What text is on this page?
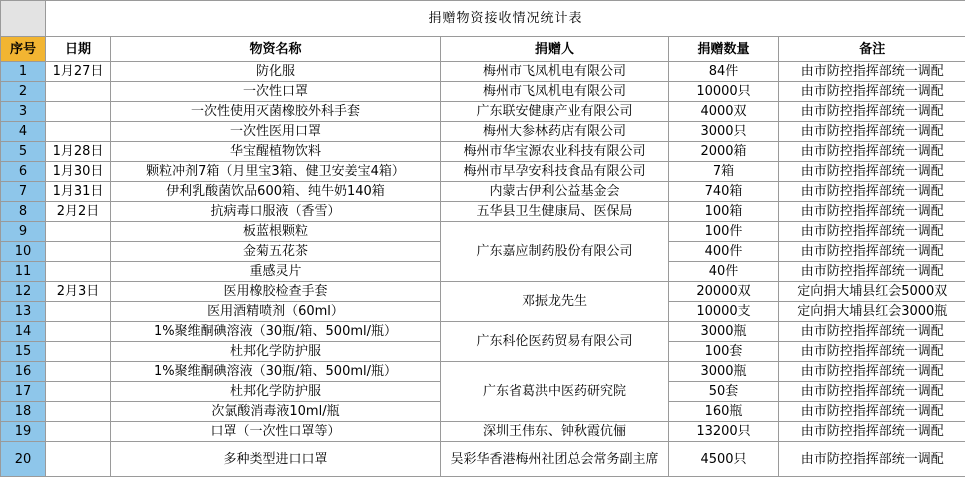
	捐赠物资接收情况统计表				
序号	日期	物资名称	捐赠人	捐赠数量	备注
1	1月27日	防化服	梅州市飞凤机电有限公司	84件	由市防控指挥部统一调配
2		一次性口罩	梅州市飞凤机电有限公司	10000只	由市防控指挥部统一调配
3		一次性使用灭菌橡胶外科手套	广东联安健康产业有限公司	4000双	由市防控指挥部统一调配
4		一次性医用口罩	梅州大参林药店有限公司	3000只	由市防控指挥部统一调配
5	1月28日	华宝醒植物饮料	梅州市华宝源农业科技有限公司	2000箱	由市防控指挥部统一调配
6	1月30日	颗粒冲剂7箱（月里宝3箱、健卫安姜宝4箱）	梅州市早孕安科技食品有限公司	7箱	由市防控指挥部统一调配
7	1月31日	伊利乳酸菌饮品600箱、纯牛奶140箱	内蒙古伊利公益基金会	740箱	由市防控指挥部统一调配
8	2月2日	抗病毒口服液（香雪）	五华县卫生健康局、医保局	100箱	由市防控指挥部统一调配
9		板蓝根颗粒	广东嘉应制药股份有限公司	100件	由市防控指挥部统一调配
10		金菊五花茶		400件	由市防控指挥部统一调配
11		重感灵片		40件	由市防控指挥部统一调配
12	2月3日	医用橡胶检查手套	邓振龙先生	20000双	定向捐大埔县红会5000双
13		医用酒精喷剂（60ml）		10000支	定向捐大埔县红会3000瓶
14		1%聚维酮碘溶液（30瓶/箱、500ml/瓶）	广东科伦医药贸易有限公司	3000瓶	由市防控指挥部统一调配
15		杜邦化学防护服		100套	由市防控指挥部统一调配
16		1%聚维酮碘溶液（30瓶/箱、500ml/瓶）	广东省葛洪中医药研究院	3000瓶	由市防控指挥部统一调配
17		杜邦化学防护服		50套	由市防控指挥部统一调配
18		次氯酸消毒液10ml/瓶		160瓶	由市防控指挥部统一调配
19		口罩（一次性口罩等）	深圳王伟东、钟秋霞伉俪	13200只	由市防控指挥部统一调配
20		多种类型进口口罩	吴彩华香港梅州社团总会常务副主席	4500只	由市防控指挥部统一调配
